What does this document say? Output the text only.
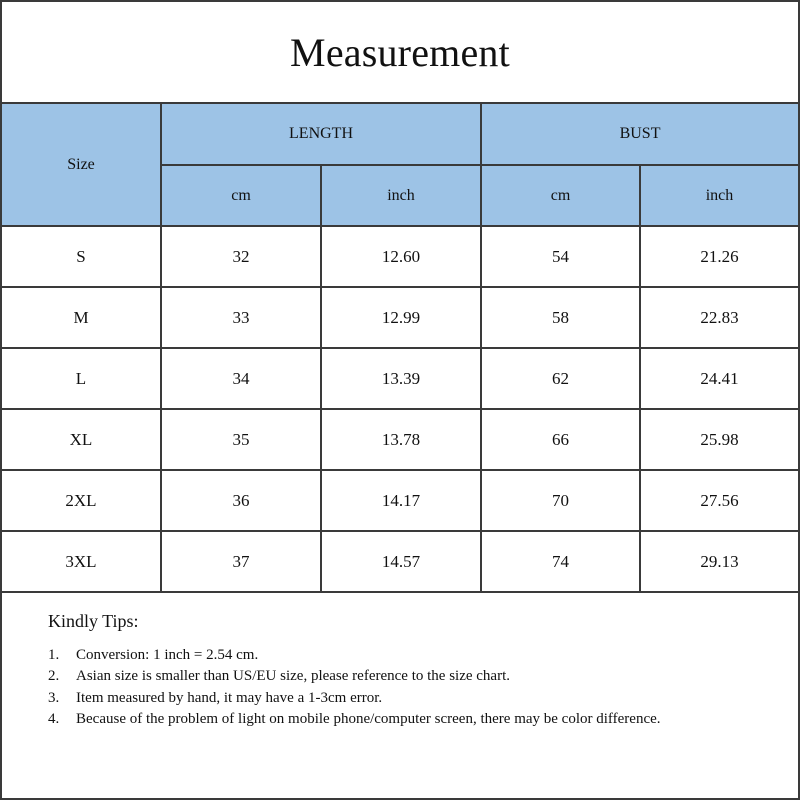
Measurement
Size	LENGTH		BUST	
	cm	inch	cm	inch
S	32	12.60	54	21.26
M	33	12.99	58	22.83
L	34	13.39	62	24.41
XL	35	13.78	66	25.98
2XL	36	14.17	70	27.56
3XL	37	14.57	74	29.13
Kindly Tips:
1.	Conversion: 1 inch = 2.54 cm.
2.	Asian size is smaller than US/EU size, please reference to the size chart.
3.	Item measured by hand, it may have a 1-3cm error.
4.	Because of the problem of light on mobile phone/computer screen, there may be color difference.
